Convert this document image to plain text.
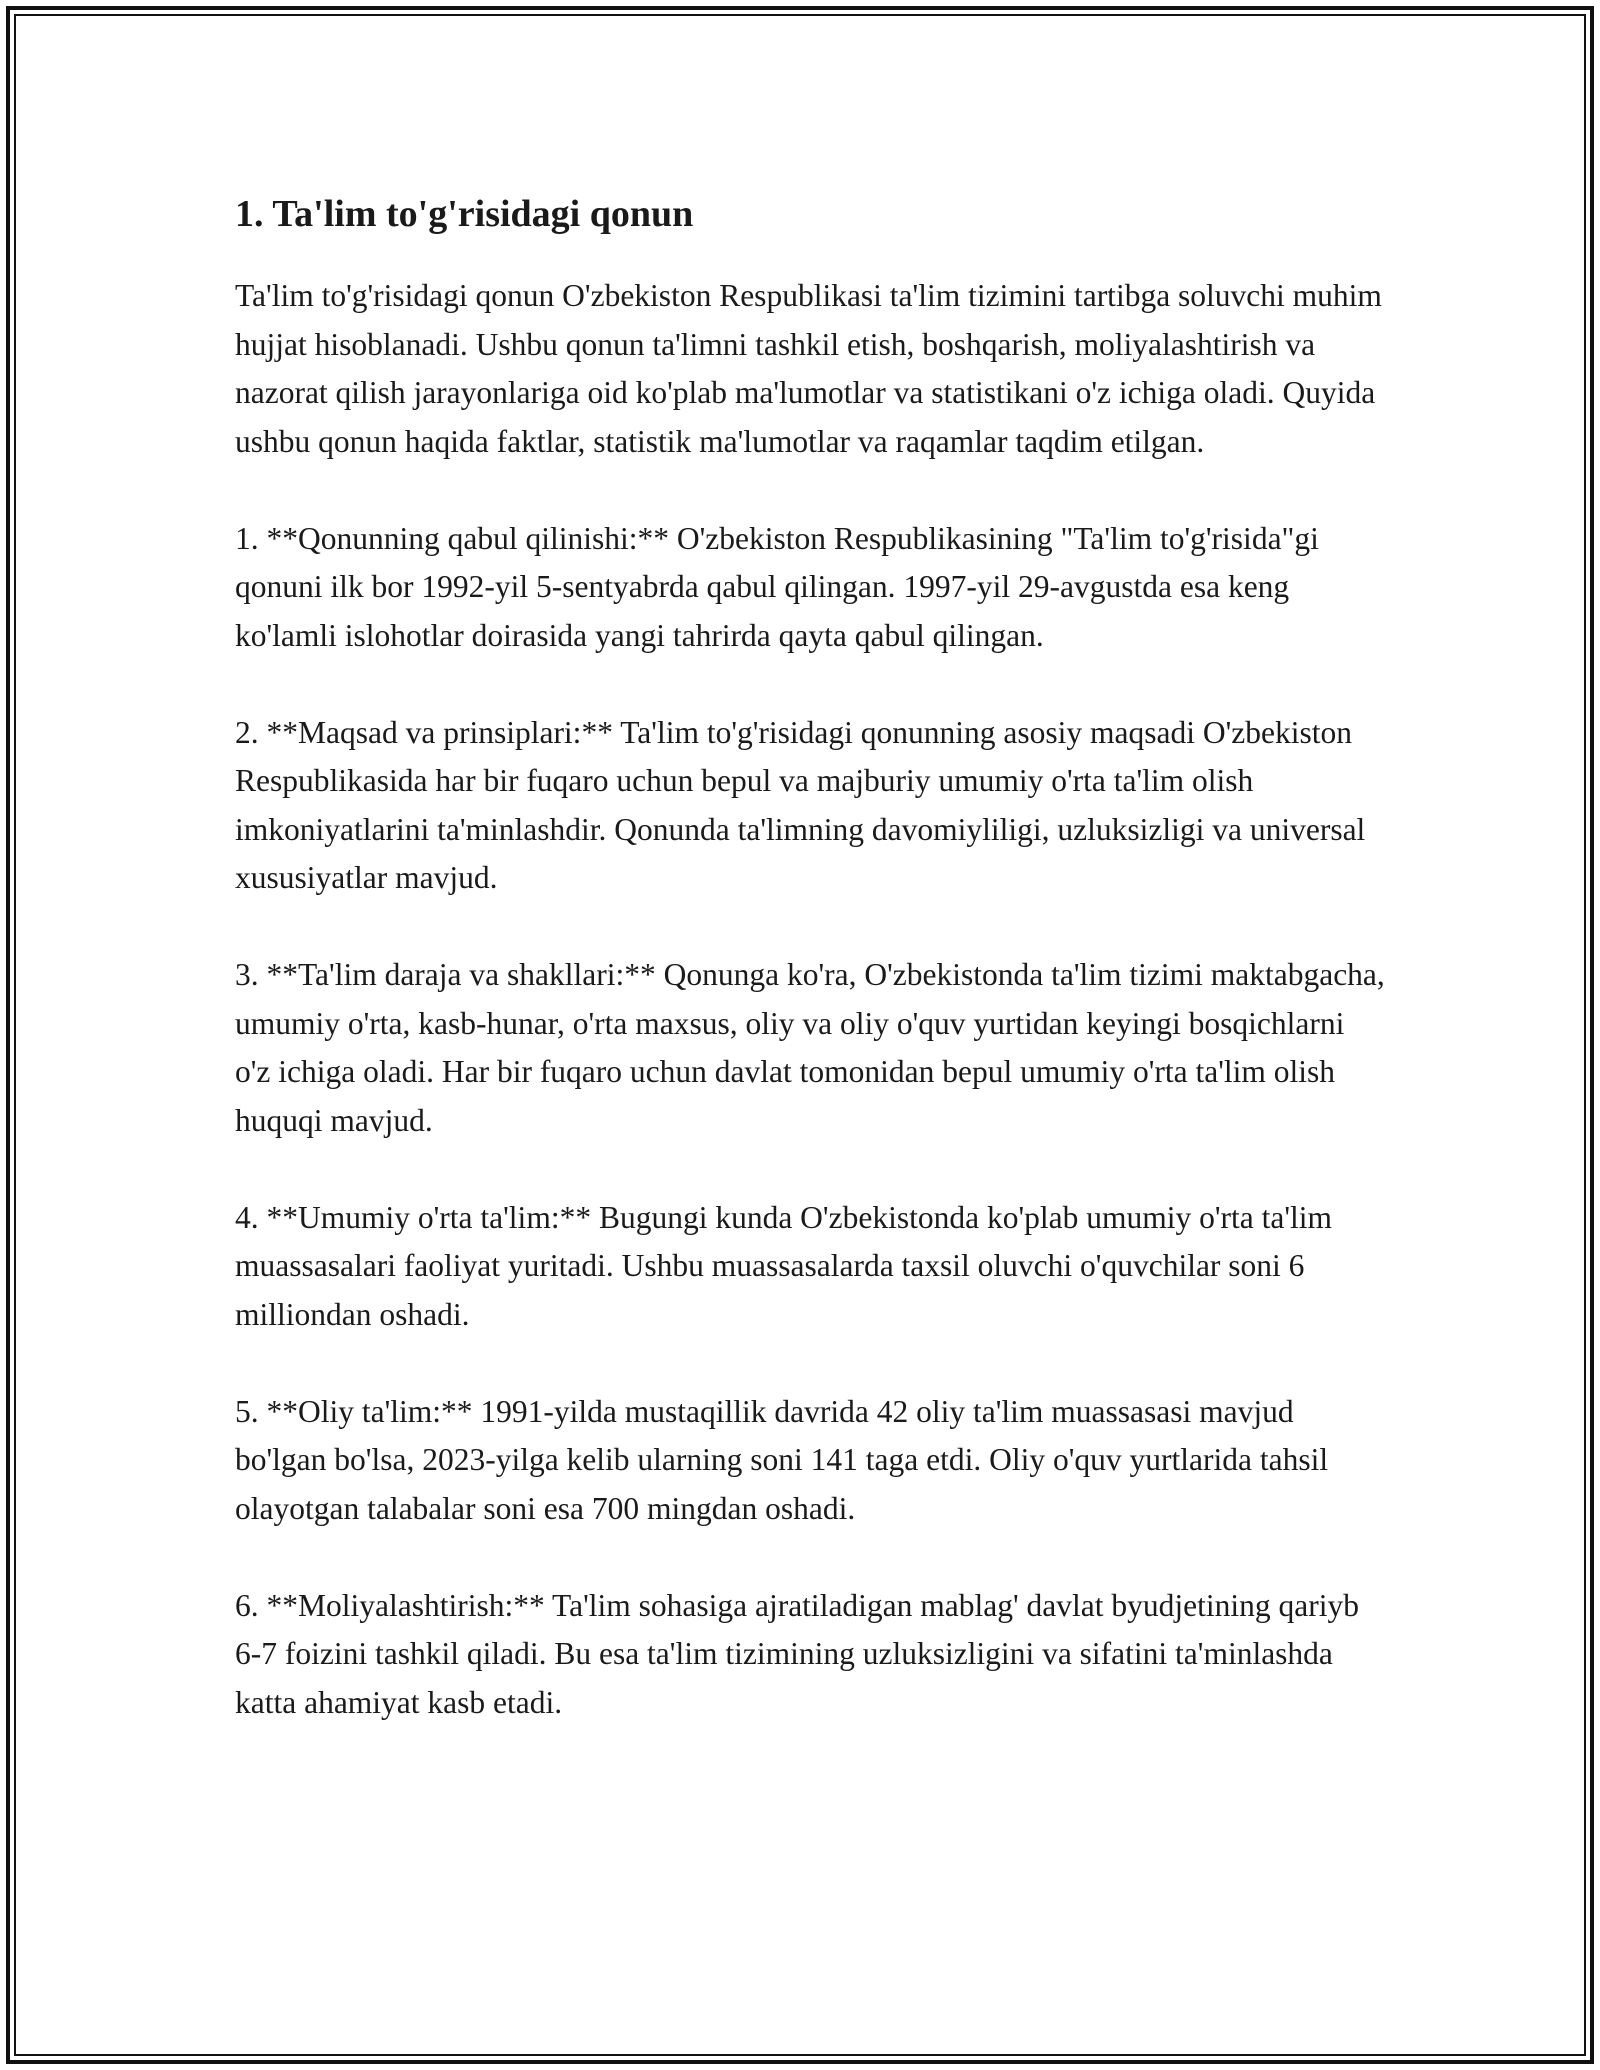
1. Ta'lim to'g'risidagi qonun

Ta'lim to'g'risidagi qonun O'zbekiston Respublikasi ta'lim tizimini tartibga soluvchi muhim hujjat hisoblanadi. Ushbu qonun ta'limni tashkil etish, boshqarish, moliyalashtirish va nazorat qilish jarayonlariga oid ko'plab ma'lumotlar va statistikani o'z ichiga oladi. Quyida ushbu qonun haqida faktlar, statistik ma'lumotlar va raqamlar taqdim etilgan.

1. **Qonunning qabul qilinishi:** O'zbekiston Respublikasining "Ta'lim to'g'risida"gi qonuni ilk bor 1992-yil 5-sentyabrda qabul qilingan. 1997-yil 29-avgustda esa keng ko'lamli islohotlar doirasida yangi tahrirda qayta qabul qilingan.

2. **Maqsad va prinsiplari:** Ta'lim to'g'risidagi qonunning asosiy maqsadi O'zbekiston Respublikasida har bir fuqaro uchun bepul va majburiy umumiy o'rta ta'lim olish imkoniyatlarini ta'minlashdir. Qonunda ta'limning davomiyliligi, uzluksizligi va universal xususiyatlar mavjud.

3. **Ta'lim daraja va shakllari:** Qonunga ko'ra, O'zbekistonda ta'lim tizimi maktabgacha, umumiy o'rta, kasb-hunar, o'rta maxsus, oliy va oliy o'quv yurtidan keyingi bosqichlarni o'z ichiga oladi. Har bir fuqaro uchun davlat tomonidan bepul umumiy o'rta ta'lim olish huquqi mavjud.

4. **Umumiy o'rta ta'lim:** Bugungi kunda O'zbekistonda ko'plab umumiy o'rta ta'lim muassasalari faoliyat yuritadi. Ushbu muassasalarda taxsil oluvchi o'quvchilar soni 6 milliondan oshadi.

5. **Oliy ta'lim:** 1991-yilda mustaqillik davrida 42 oliy ta'lim muassasasi mavjud bo'lgan bo'lsa, 2023-yilga kelib ularning soni 141 taga etdi. Oliy o'quv yurtlarida tahsil olayotgan talabalar soni esa 700 mingdan oshadi.

6. **Moliyalashtirish:** Ta'lim sohasiga ajratiladigan mablag' davlat byudjetining qariyb 6-7 foizini tashkil qiladi. Bu esa ta'lim tizimining uzluksizligini va sifatini ta'minlashda katta ahamiyat kasb etadi.
